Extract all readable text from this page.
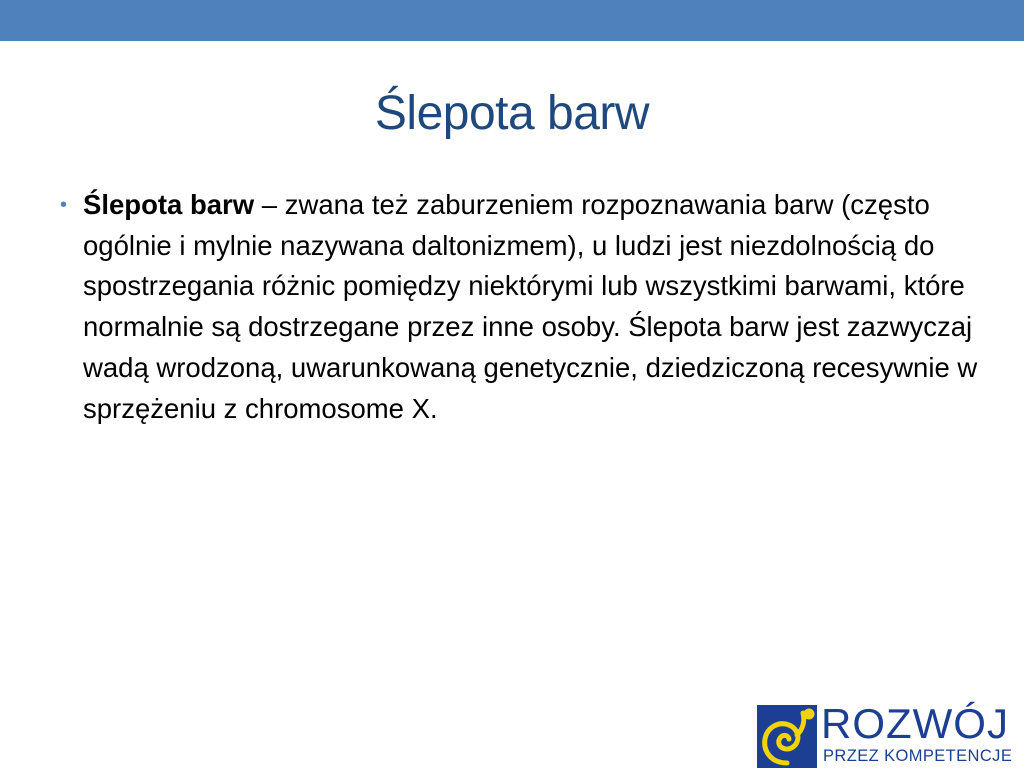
Ślepota barw
• Ślepota barw – zwana też zaburzeniem rozpoznawania barw (często ogólnie i mylnie nazywana daltonizmem), u ludzi jest niezdolnością do spostrzegania różnic pomiędzy niektórymi lub wszystkimi barwami, które normalnie są dostrzegane przez inne osoby. Ślepota barw jest zazwyczaj wadą wrodzoną, uwarunkowaną genetycznie, dziedziczoną recesywnie w sprzężeniu z chromosome X.
ROZWÓJ
PRZEZ KOMPETENCJE
